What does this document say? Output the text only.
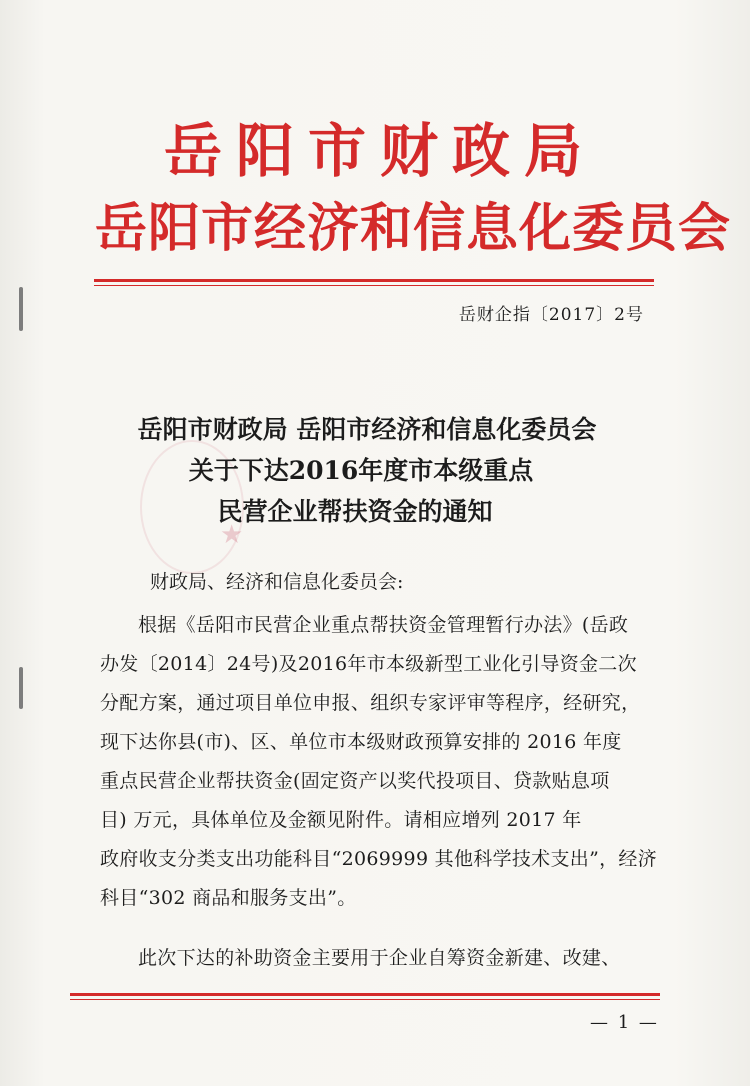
岳阳市财政局
岳阳市经济和信息化委员会
岳财企指〔2017〕2号
★
岳阳市财政局 岳阳市经济和信息化委员会
关于下达2016年度市本级重点
民营企业帮扶资金的通知
财政局、经济和信息化委员会:
根据《岳阳市民营企业重点帮扶资金管理暂行办法》(岳政
办发〔2014〕24号)及2016年市本级新型工业化引导资金二次
分配方案，通过项目单位申报、组织专家评审等程序，经研究，
现下达你县(市)、区、单位市本级财政预算安排的 2016 年度
重点民营企业帮扶资金(固定资产以奖代投项目、贷款贴息项
目) 万元，具体单位及金额见附件。请相应增列 2017 年
政府收支分类支出功能科目“2069999 其他科学技术支出”，经济
科目“302 商品和服务支出”。
此次下达的补助资金主要用于企业自筹资金新建、改建、
— 1 —
